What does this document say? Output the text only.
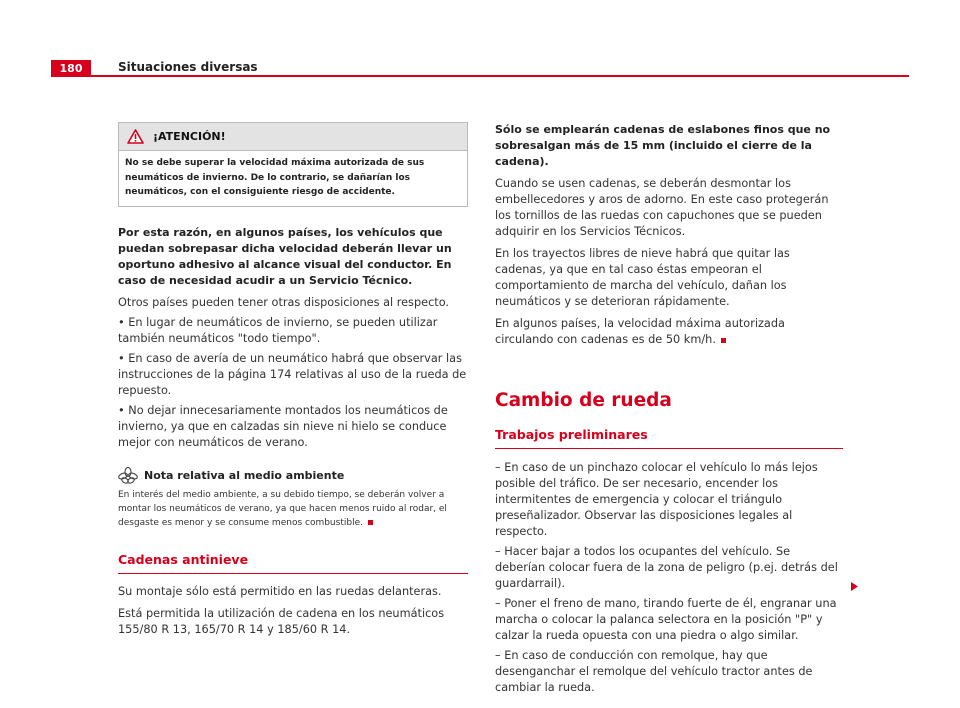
180	Situaciones diversas
¡ATENCIÓN!
No se debe superar la velocidad máxima autorizada de sus neumáticos de invierno. De lo contrario, se dañarían los neumáticos, con el consiguiente riesgo de accidente.

Por esta razón, en algunos países, los vehículos que puedan sobrepasar dicha velocidad deberán llevar un oportuno adhesivo al alcance visual del conductor. En caso de necesidad acudir a un Servicio Técnico.

Otros países pueden tener otras disposiciones al respecto.

• En lugar de neumáticos de invierno, se pueden utilizar también neumáticos "todo tiempo".

• En caso de avería de un neumático habrá que observar las instrucciones de la página 174 relativas al uso de la rueda de repuesto.

• No dejar innecesariamente montados los neumáticos de invierno, ya que en calzadas sin nieve ni hielo se conduce mejor con neumáticos de verano.

Nota relativa al medio ambiente

En interés del medio ambiente, a su debido tiempo, se deberán volver a montar los neumáticos de verano, ya que hacen menos ruido al rodar, el desgaste es menor y se consume menos combustible.

Cadenas antinieve

Su montaje sólo está permitido en las ruedas delanteras.

Está permitida la utilización de cadena en los neumáticos 155/80 R 13, 165/70 R 14 y 185/60 R 14.

Sólo se emplearán cadenas de eslabones finos que no sobresalgan más de 15 mm (incluido el cierre de la cadena).

Cuando se usen cadenas, se deberán desmontar los embellecedores y aros de adorno. En este caso protegerán los tornillos de las ruedas con capuchones que se pueden adquirir en los Servicios Técnicos.

En los trayectos libres de nieve habrá que quitar las cadenas, ya que en tal caso éstas empeoran el comportamiento de marcha del vehículo, dañan los neumáticos y se deterioran rápidamente.

En algunos países, la velocidad máxima autorizada circulando con cadenas es de 50 km/h.

Cambio de rueda
Trabajos preliminares

– En caso de un pinchazo colocar el vehículo lo más lejos posible del tráfico. De ser necesario, encender los intermitentes de emergencia y colocar el triángulo preseñalizador. Observar las disposiciones legales al respecto.

– Hacer bajar a todos los ocupantes del vehículo. Se deberían colocar fuera de la zona de peligro (p.ej. detrás del guardarrail).

– Poner el freno de mano, tirando fuerte de él, engranar una marcha o colocar la palanca selectora en la posición "P" y calzar la rueda opuesta con una piedra o algo similar.

– En caso de conducción con remolque, hay que desenganchar el remolque del vehículo tractor antes de cambiar la rueda.
